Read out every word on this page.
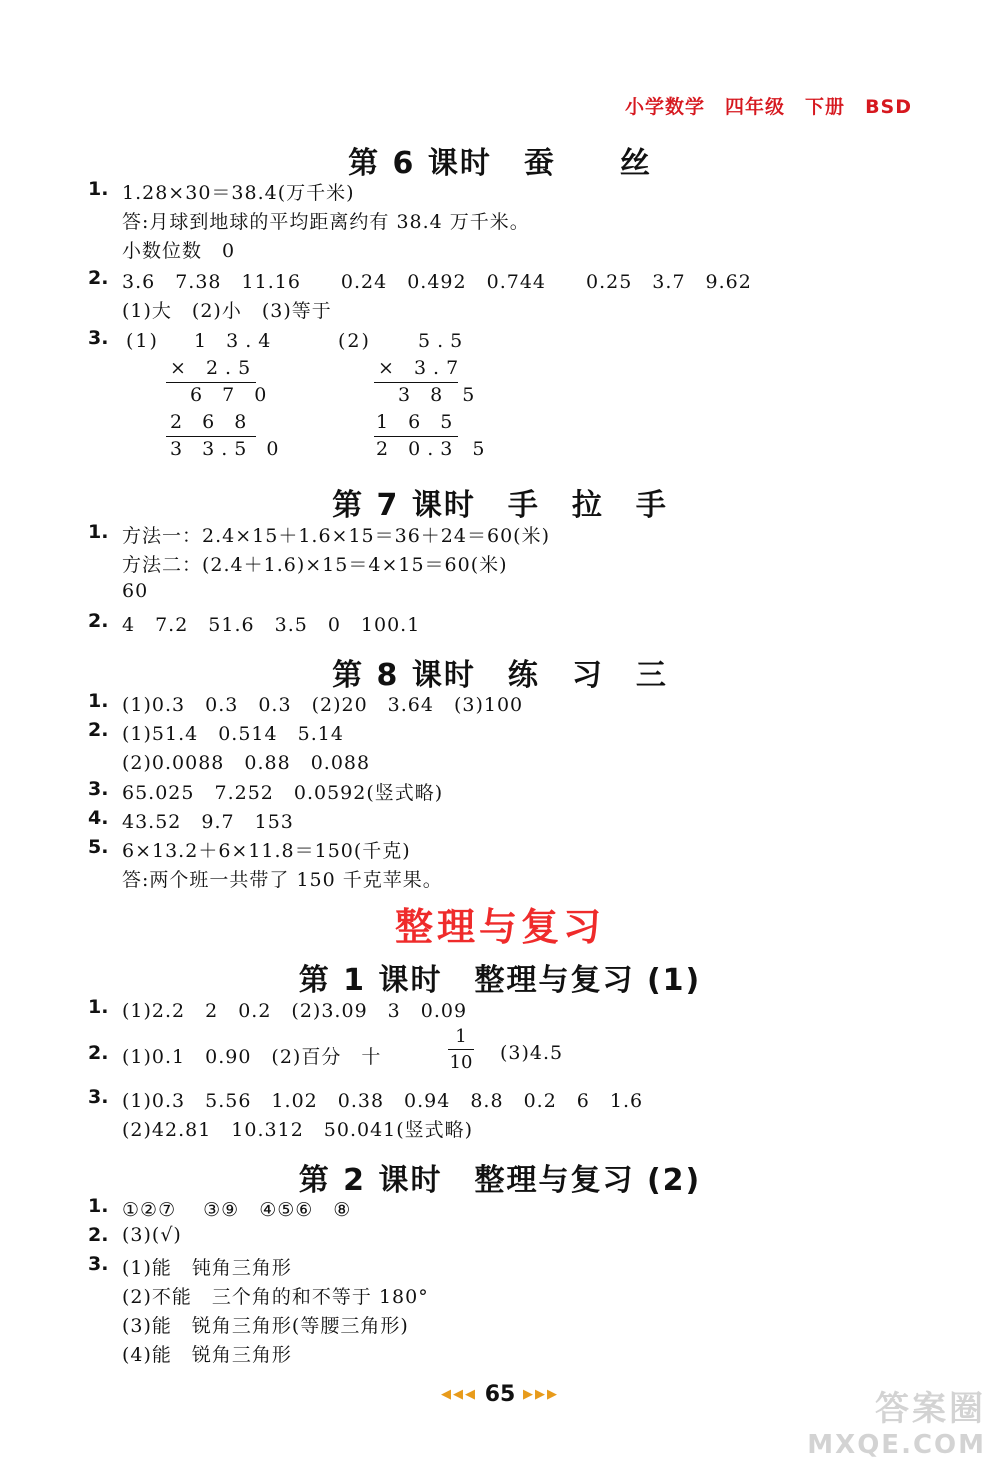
小学数学　 四年级　 下册　 BSD
第 6 课时　蚕　　丝
1. 1.28×30＝38.4(万千米)
答:月球到地球的平均距离约有 38.4 万千米。
小数位数　0
2. 3.6　7.38　11.16　　0.24　0.492　0.744　　0.25　3.7　9.62
(1)大　(2)小　(3)等于
3. (1) 1 3.4
× 2.5
6 7 0
2 6 8
3 3.5 0
(2) 5.5
× 3.7
3 8 5
1 6 5
2 0.3 5
第 7 课时　手　拉　手
1. 方法一：2.4×15＋1.6×15＝36＋24＝60(米)
方法二：(2.4＋1.6)×15＝4×15＝60(米)
60
2. 4　7.2　51.6　3.5　0　100.1
第 8 课时　练　习　三
1. (1)0.3　0.3　0.3　(2)20　3.64　(3)100
2. (1)51.4　0.514　5.14
(2)0.0088　0.88　0.088
3. 65.025　7.252　0.0592(竖式略)
4. 43.52　9.7　153
5. 6×13.2＋6×11.8＝150(千克)
答:两个班一共带了 150 千克苹果。
整理与复习
第 1 课时　整理与复习 (1)
1. (1)2.2　2　0.2　(2)3.09　3　0.09
2. (1)0.1　0.90　(2)百分　十
1
10 (3)4.5
3. (1)0.3　5.56　1.02　0.38　0.94　8.8　0.2　6　1.6
(2)42.81　10.312　50.041(竖式略)
第 2 课时　整理与复习 (2)
1. ①②⑦　 ③⑨　④⑤⑥　⑧
2. (3)(√)
3. (1)能　钝角三角形
(2)不能　三个角的和不等于 180°
(3)能　锐角三角形(等腰三角形)
(4)能　锐角三角形
◀◀◀ 65 ▶▶▶	答案圈
MXQE.COM
